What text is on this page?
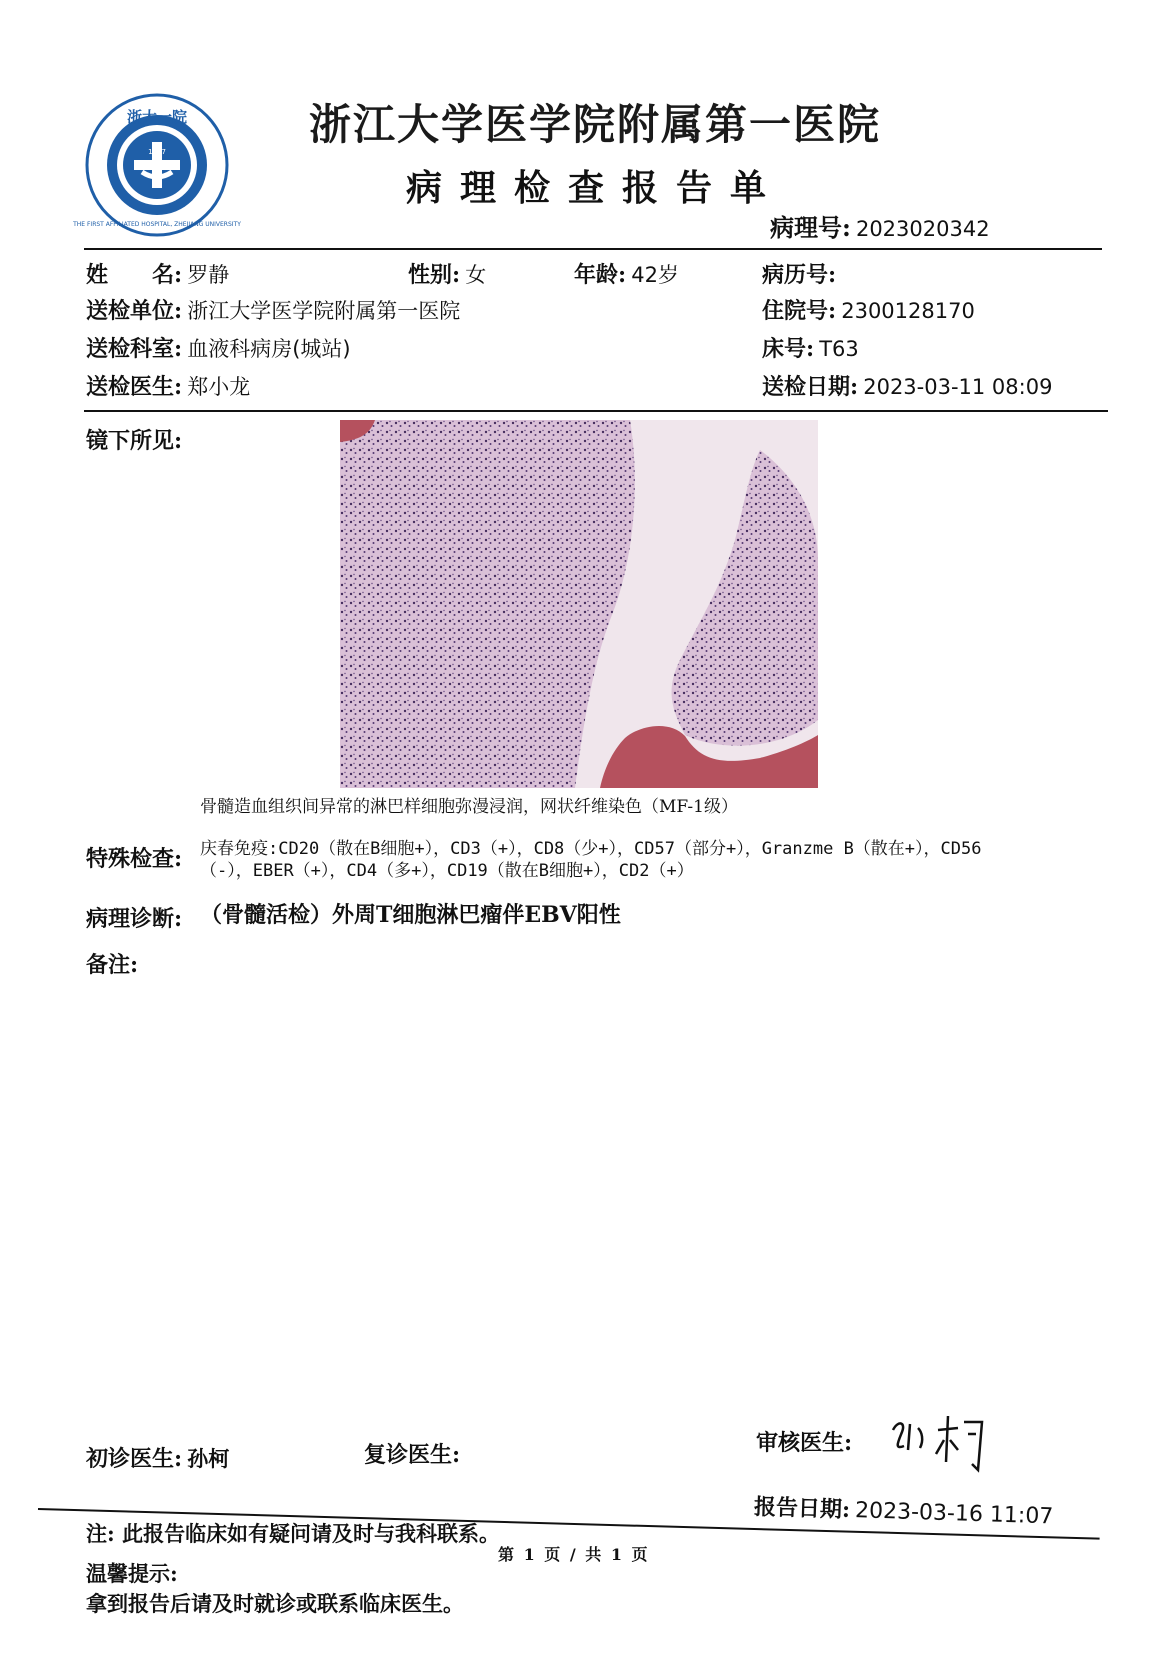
浙大一院
1947
THE FIRST AFFILIATED HOSPITAL, ZHEJIANG UNIVERSITY
浙江大学医学院附属第一医院
病理检查报告单
病理号: 2023020342
姓　　名: 罗静	性别: 女	年龄: 42岁	病历号:
送检单位: 浙江大学医学院附属第一医院	住院号: 2300128170
送检科室: 血液科病房(城站)	床号: T63
送检医生: 郑小龙	送检日期: 2023-03-11 08:09
镜下所见:
骨髓造血组织间异常的淋巴样细胞弥漫浸润，网状纤维染色（MF-1级）
特殊检查: 庆春免疫:CD20（散在B细胞+），CD3（+），CD8（少+），CD57（部分+），Granzme B（散在+），CD56
（-），EBER（+），CD4（多+），CD19（散在B细胞+），CD2（+）
病理诊断: （骨髓活检）外周T细胞淋巴瘤伴EBV阳性
备注:
初诊医生: 孙柯	复诊医生:	审核医生:
注: 此报告临床如有疑问请及时与我科联系。
报告日期: 2023-03-16 11:07
第 1 页 / 共 1 页
温馨提示:
拿到报告后请及时就诊或联系临床医生。
